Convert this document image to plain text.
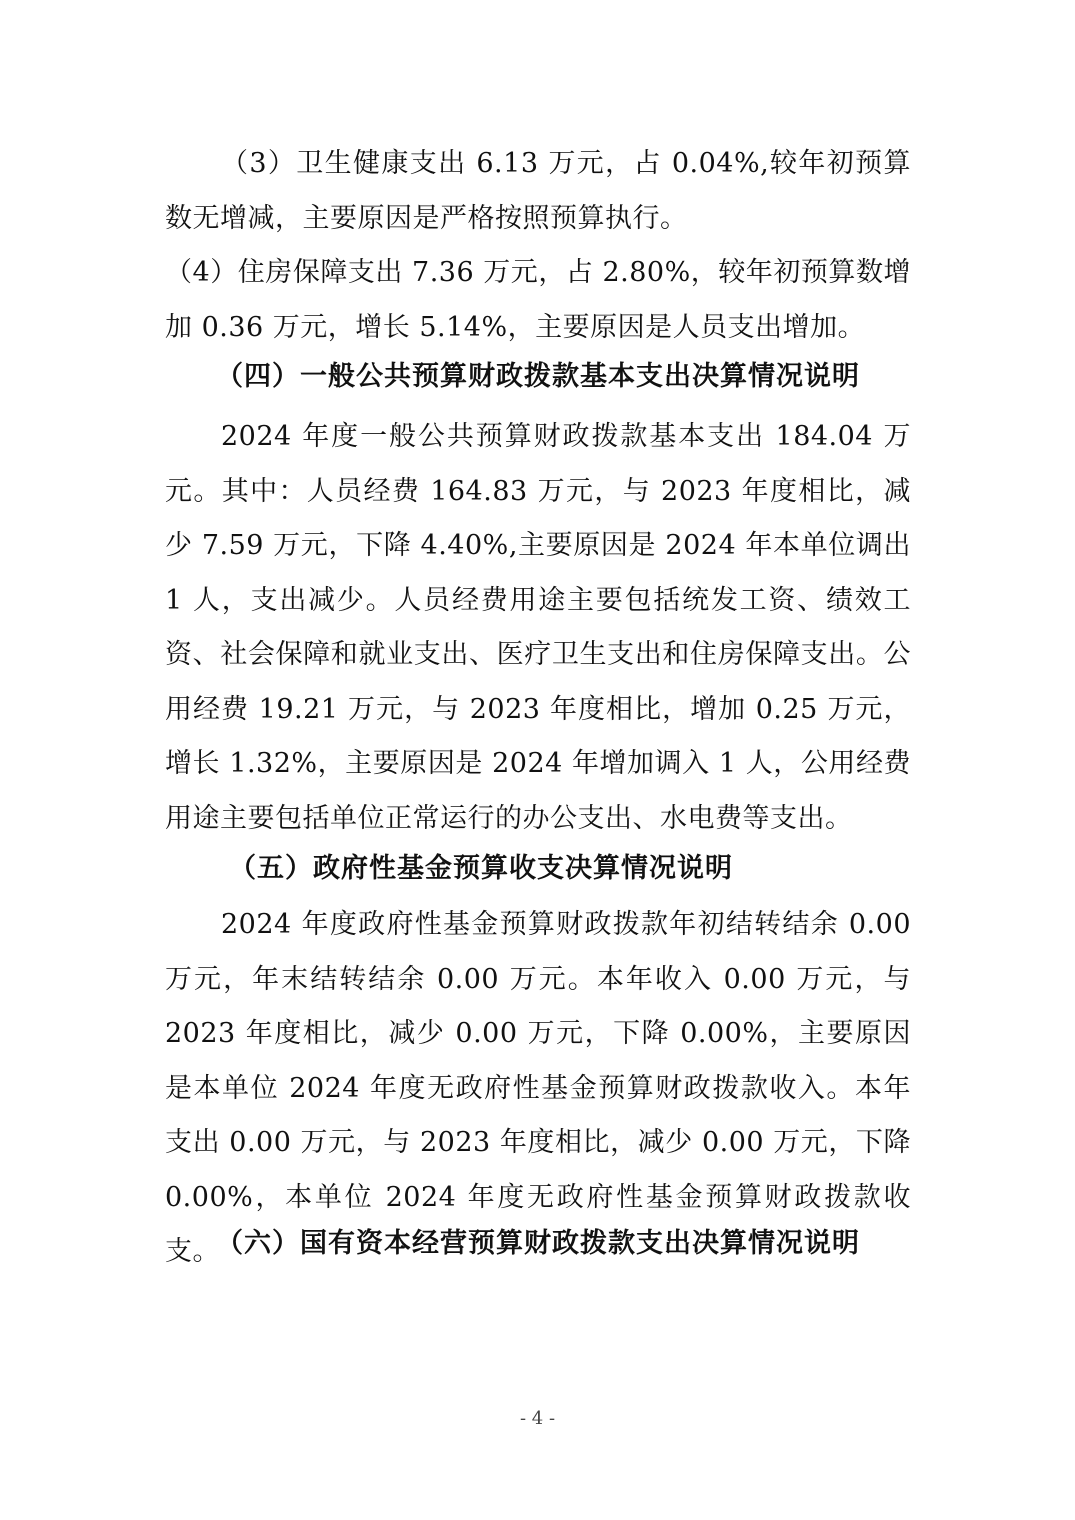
（3）卫生健康支出 6.13 万元，占 0.04%,较年初预算数无增减，主要原因是严格按照预算执行。

（4）住房保障支出 7.36 万元，占 2.80%，较年初预算数增加 0.36 万元，增长 5.14%，主要原因是人员支出增加。

（四）一般公共预算财政拨款基本支出决算情况说明

2024 年度一般公共预算财政拨款基本支出 184.04 万元。其中：人员经费 164.83 万元，与 2023 年度相比，减少 7.59 万元，下降 4.40%,主要原因是 2024 年本单位调出 1 人，支出减少。人员经费用途主要包括统发工资、绩效工资、社会保障和就业支出、医疗卫生支出和住房保障支出。公用经费 19.21 万元，与 2023 年度相比，增加 0.25 万元，增长 1.32%，主要原因是 2024 年增加调入 1 人，公用经费用途主要包括单位正常运行的办公支出、水电费等支出。

（五）政府性基金预算收支决算情况说明

2024 年度政府性基金预算财政拨款年初结转结余 0.00 万元，年末结转结余 0.00 万元。本年收入 0.00 万元，与 2023 年度相比，减少 0.00 万元，下降 0.00%，主要原因是本单位 2024 年度无政府性基金预算财政拨款收入。本年支出 0.00 万元，与 2023 年度相比，减少 0.00 万元，下降 0.00%，本单位 2024 年度无政府性基金预算财政拨款收支。

（六）国有资本经营预算财政拨款支出决算情况说明
- 4 -
